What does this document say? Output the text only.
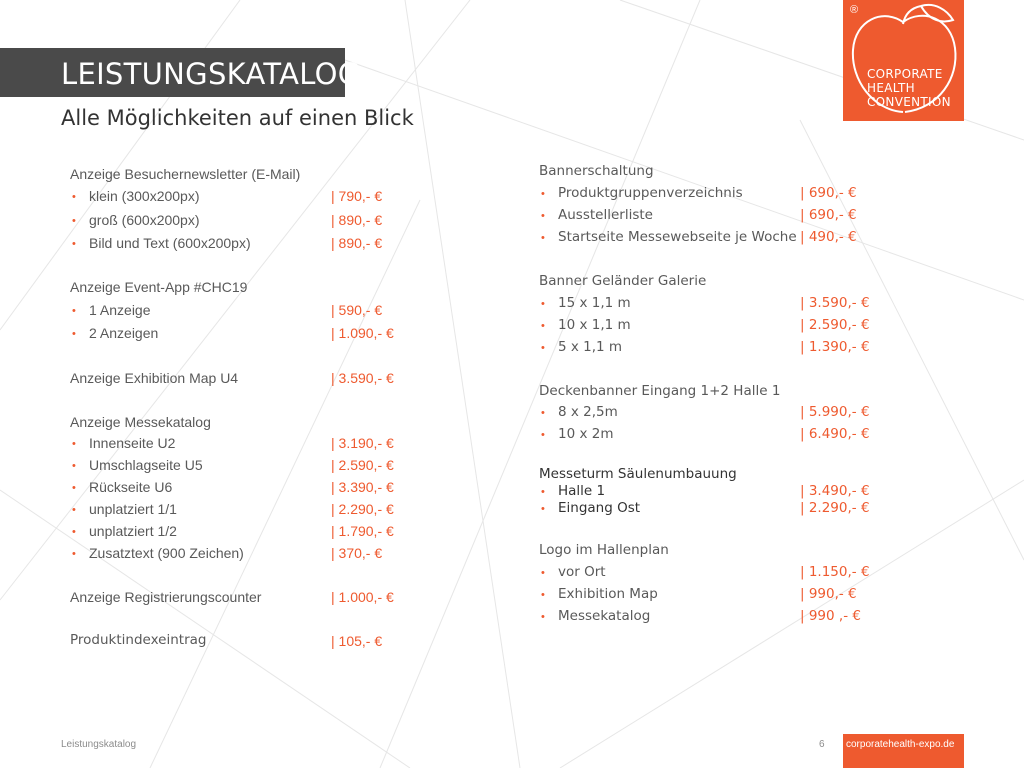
LEISTUNGSKATALOG
Alle Möglichkeiten auf einen Blick
®
CORPORATE
HEALTH
CONVENTION
Anzeige Besuchernewsletter (E-Mail)
• klein (300x200px)	| 790,- €
• groß (600x200px)	| 890,- €
• Bild und Text (600x200px)	| 890,- €
Anzeige Event-App #CHC19
• 1 Anzeige	| 590,- €
• 2 Anzeigen	| 1.090,- €
Anzeige Exhibition Map U4	| 3.590,- €
Anzeige Messekatalog
• Innenseite U2	| 3.190,- €
• Umschlagseite U5	| 2.590,- €
• Rückseite U6	| 3.390,- €
• unplatziert 1/1	| 2.290,- €
• unplatziert 1/2	| 1.790,- €
• Zusatztext (900 Zeichen)	| 370,- €
Anzeige Registrierungscounter	| 1.000,- €
Produktindexeintrag	| 105,- €
Bannerschaltung
• Produktgruppenverzeichnis	| 690,- €
• Ausstellerliste	| 690,- €
• Startseite Messewebseite je Woche | 490,- €
Banner Geländer Galerie
• 15 x 1,1 m	| 3.590,- €
• 10 x 1,1 m	| 2.590,- €
• 5 x 1,1 m	| 1.390,- €
Deckenbanner Eingang 1+2 Halle 1
• 8 x 2,5m	| 5.990,- €
• 10 x 2m	| 6.490,- €
Messeturm Säulenumbauung
• Halle 1	| 3.490,- €
• Eingang Ost	| 2.290,- €
Logo im Hallenplan
• vor Ort	| 1.150,- €
• Exhibition Map	| 990,- €
• Messekatalog	| 990 ,- €
Leistungskatalog	6	corporatehealth-expo.de
